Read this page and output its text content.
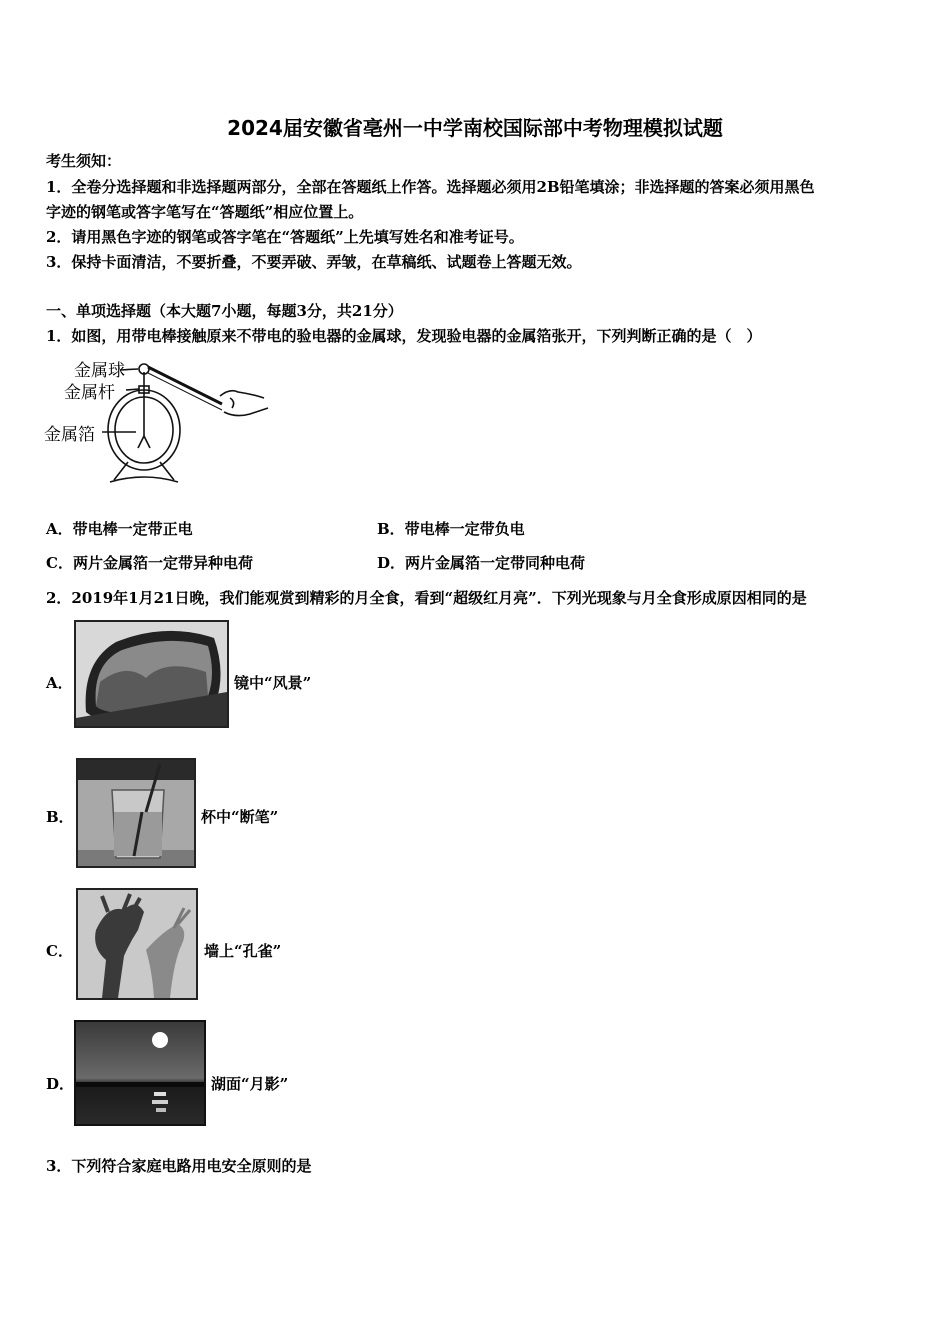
2024届安徽省亳州一中学南校国际部中考物理模拟试题
考生须知：
1．全卷分选择题和非选择题两部分，全部在答题纸上作答。选择题必须用2B铅笔填涂；非选择题的答案必须用黑色
字迹的钢笔或答字笔写在“答题纸”相应位置上。
2．请用黑色字迹的钢笔或答字笔在“答题纸”上先填写姓名和准考证号。
3．保持卡面清洁，不要折叠，不要弄破、弄皱，在草稿纸、试题卷上答题无效。
一、单项选择题（本大题7小题，每题3分，共21分）
1．如图，用带电棒接触原来不带电的验电器的金属球，发现验电器的金属箔张开，下列判断正确的是（　）
金属球
金属杆
金属箔
A．带电棒一定带正电	B．带电棒一定带负电
C．两片金属箔一定带异种电荷	D．两片金属箔一定带同种电荷
2．2019年1月21日晚，我们能观赏到精彩的月全食，看到“超级红月亮”．下列光现象与月全食形成原因相同的是
A．	镜中“风景”
B．	杯中“断笔”
C．	墙上“孔雀”
D．	湖面“月影”
3．下列符合家庭电路用电安全原则的是
